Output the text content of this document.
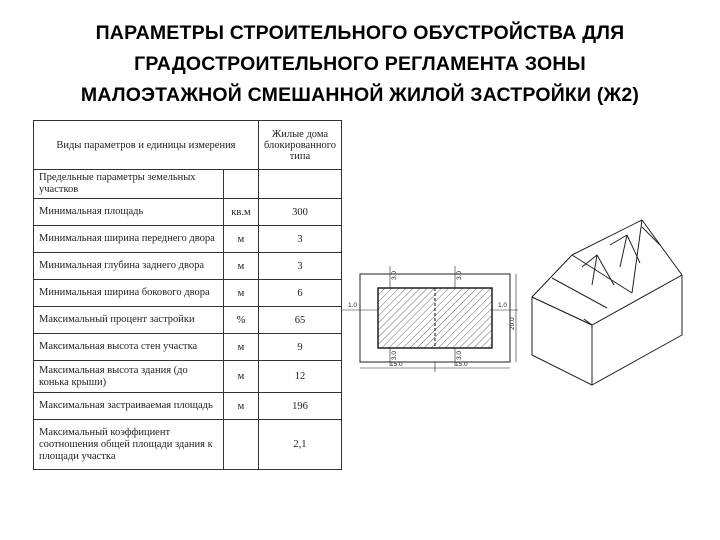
ПАРАМЕТРЫ СТРОИТЕЛЬНОГО ОБУСТРОЙСТВА ДЛЯ
ГРАДОСТРОИТЕЛЬНОГО РЕГЛАМЕНТА ЗОНЫ
МАЛОЭТАЖНОЙ СМЕШАННОЙ ЖИЛОЙ ЗАСТРОЙКИ (Ж2)
Виды параметров и единицы измерения		Жилые дома блокированного типа
Предельные параметры земельных участков		
Минимальная площадь	кв.м	300
Минимальная ширина переднего двора	м	3
Минимальная глубина заднего двора	м	3
Минимальная ширина бокового двора	м	6
Максимальный процент застройки	%	65
Максимальная высота стен участка	м	9
Максимальная высота здания (до конька крыши)	м	12
Максимальная застраиваемая площадь	м	196
Максимальный коэффициент соотношения общей площади здания к площади участка		2,1
3.0	3.0
1.0	1.0
20.0
3.0	3.0
15.0	15.0
